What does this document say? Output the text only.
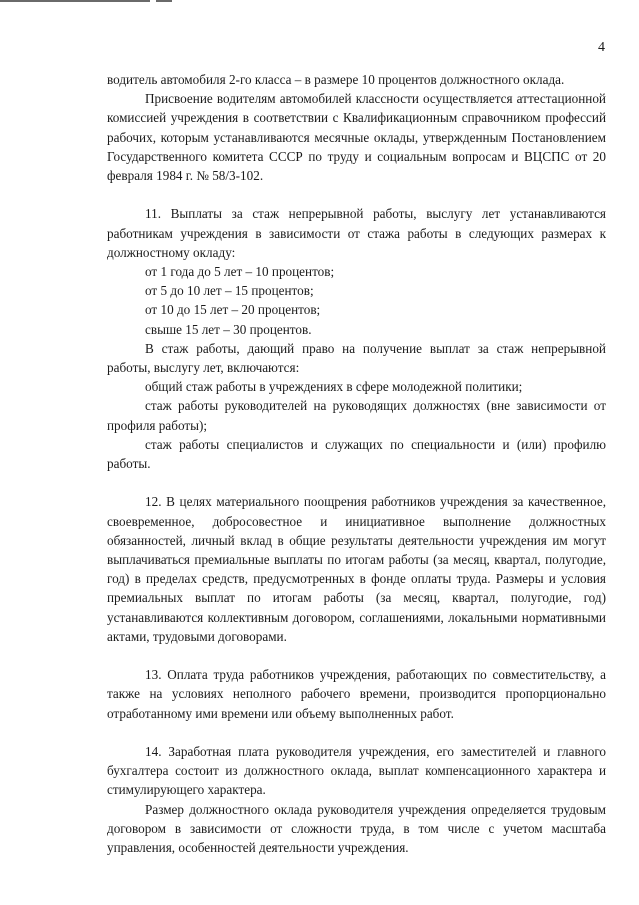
4

водитель автомобиля 2-го класса – в размере 10 процентов должностного оклада.

Присвоение водителям автомобилей классности осуществляется аттестационной комиссией учреждения в соответствии с Квалификационным справочником профессий рабочих, которым устанавливаются месячные оклады, утвержденным Постановлением Государственного комитета СССР по труду и социальным вопросам и ВЦСПС от 20 февраля 1984 г. № 58/3-102.

11. Выплаты за стаж непрерывной работы, выслугу лет устанавливаются работникам учреждения в зависимости от стажа работы в следующих размерах к должностному окладу:

от 1 года до 5 лет – 10 процентов;

от 5 до 10 лет – 15 процентов;

от 10 до 15 лет – 20 процентов;

свыше 15 лет – 30 процентов.

В стаж работы, дающий право на получение выплат за стаж непрерывной работы, выслугу лет, включаются:

общий стаж работы в учреждениях в сфере молодежной политики;

стаж работы руководителей на руководящих должностях (вне зависимости от профиля работы);

стаж работы специалистов и служащих по специальности и (или) профилю работы.

12. В целях материального поощрения работников учреждения за качественное, своевременное, добросовестное и инициативное выполнение должностных обязанностей, личный вклад в общие результаты деятельности учреждения им могут выплачиваться премиальные выплаты по итогам работы (за месяц, квартал, полугодие, год) в пределах средств, предусмотренных в фонде оплаты труда. Размеры и условия премиальных выплат по итогам работы (за месяц, квартал, полугодие, год) устанавливаются коллективным договором, соглашениями, локальными нормативными актами, трудовыми договорами.

13. Оплата труда работников учреждения, работающих по совместительству, а также на условиях неполного рабочего времени, производится пропорционально отработанному ими времени или объему выполненных работ.

14. Заработная плата руководителя учреждения, его заместителей и главного бухгалтера состоит из должностного оклада, выплат компенсационного характера и стимулирующего характера.

Размер должностного оклада руководителя учреждения определяется трудовым договором в зависимости от сложности труда, в том числе с учетом масштаба управления, особенностей деятельности учреждения.
